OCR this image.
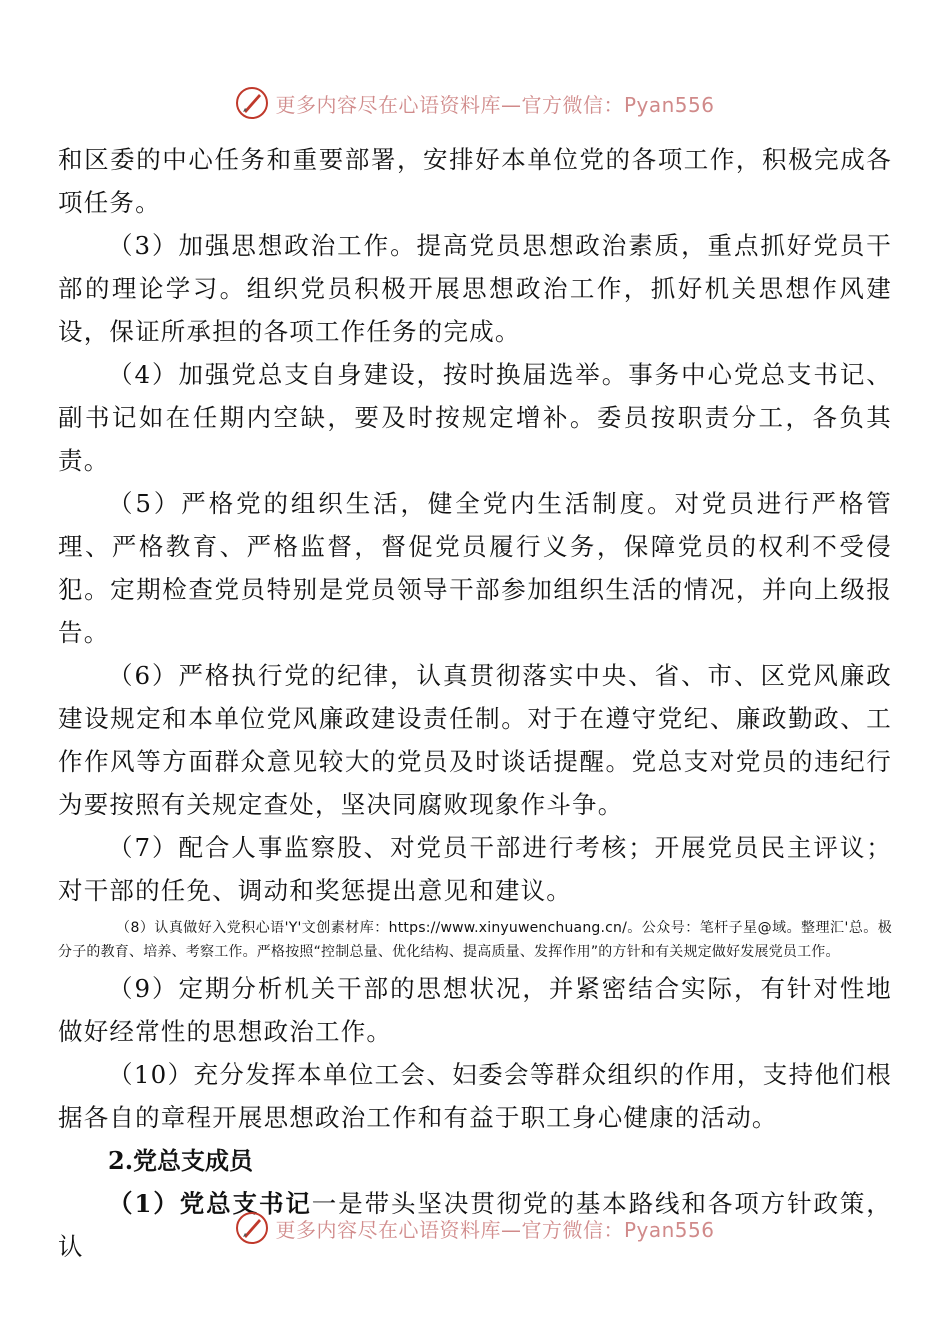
更多内容尽在心语资料库—官方微信：Pyan556

和区委的中心任务和重要部署，安排好本单位党的各项工作，积极完成各项任务。

（3）加强思想政治工作。提高党员思想政治素质，重点抓好党员干部的理论学习。组织党员积极开展思想政治工作，抓好机关思想作风建设，保证所承担的各项工作任务的完成。

（4）加强党总支自身建设，按时换届选举。事务中心党总支书记、副书记如在任期内空缺，要及时按规定增补。委员按职责分工，各负其责。

（5）严格党的组织生活，健全党内生活制度。对党员进行严格管理、严格教育、严格监督，督促党员履行义务，保障党员的权利不受侵犯。定期检查党员特别是党员领导干部参加组织生活的情况，并向上级报告。

（6）严格执行党的纪律，认真贯彻落实中央、省、市、区党风廉政建设规定和本单位党风廉政建设责任制。对于在遵守党纪、廉政勤政、工作作风等方面群众意见较大的党员及时谈话提醒。党总支对党员的违纪行为要按照有关规定查处，坚决同腐败现象作斗争。

（7）配合人事监察股、对党员干部进行考核；开展党员民主评议；对干部的任免、调动和奖惩提出意见和建议。

（8）认真做好入党积心语'Y'文创素材库：https://www.xinyuwenchuang.cn/。公众号：笔杆子星@域。整理汇'总。极分子的教育、培养、考察工作。严格按照“控制总量、优化结构、提高质量、发挥作用”的方针和有关规定做好发展党员工作。

（9）定期分析机关干部的思想状况，并紧密结合实际，有针对性地做好经常性的思想政治工作。

（10）充分发挥本单位工会、妇委会等群众组织的作用，支持他们根据各自的章程开展思想政治工作和有益于职工身心健康的活动。

2.党总支成员

（1）党总支书记一是带头坚决贯彻党的基本路线和各项方针政策，认

更多内容尽在心语资料库—官方微信：Pyan556
